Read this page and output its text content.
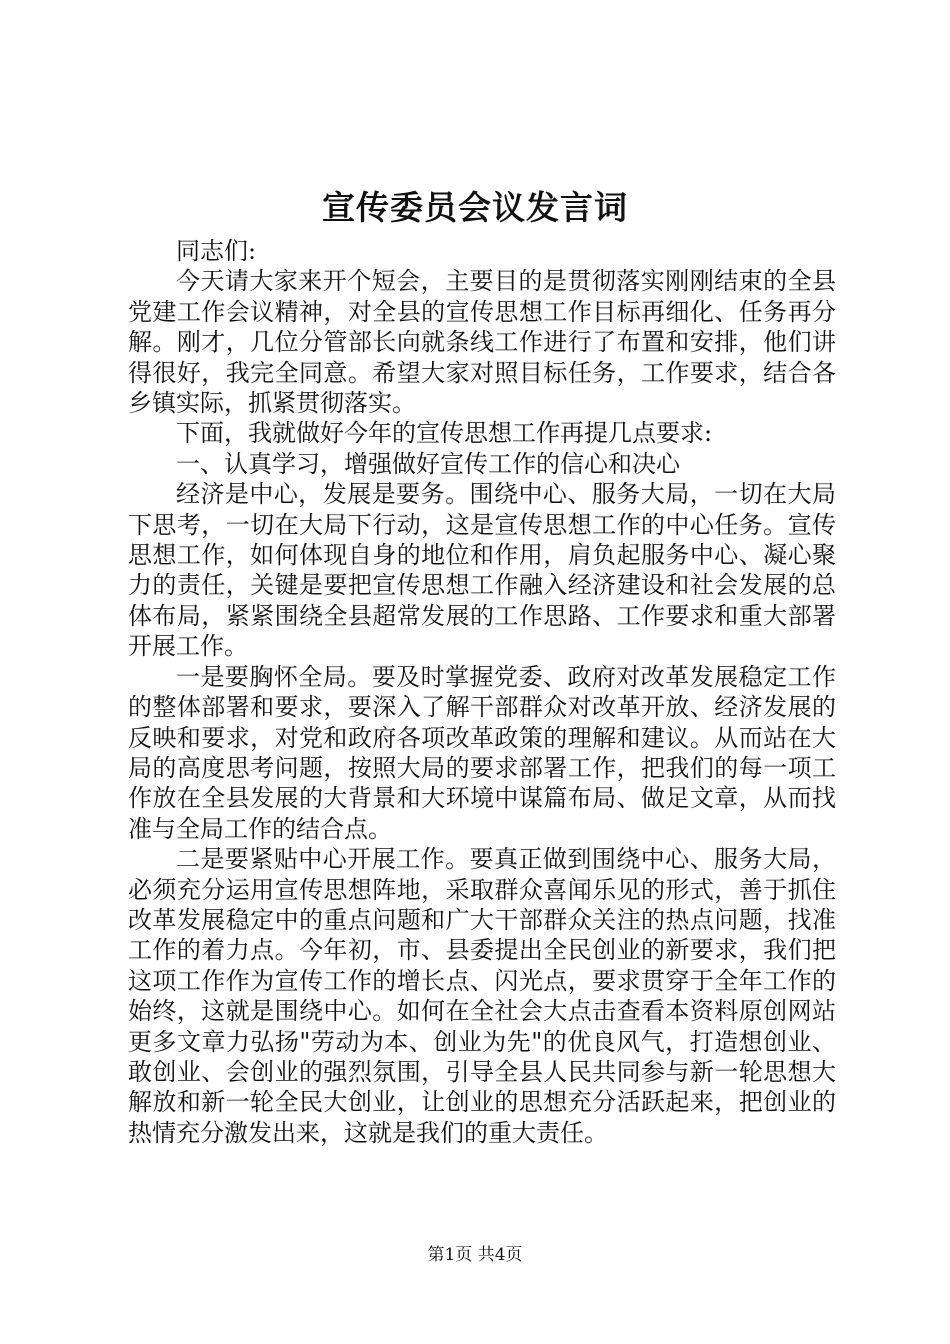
宣传委员会议发言词

同志们:

今天请大家来开个短会，主要目的是贯彻落实刚刚结束的全县党建工作会议精神，对全县的宣传思想工作目标再细化、任务再分解。刚才，几位分管部长向就条线工作进行了布置和安排，他们讲得很好，我完全同意。希望大家对照目标任务，工作要求，结合各乡镇实际，抓紧贯彻落实。

下面，我就做好今年的宣传思想工作再提几点要求:

一、认真学习，增强做好宣传工作的信心和决心

经济是中心，发展是要务。围绕中心、服务大局，一切在大局下思考，一切在大局下行动，这是宣传思想工作的中心任务。宣传思想工作，如何体现自身的地位和作用，肩负起服务中心、凝心聚力的责任，关键是要把宣传思想工作融入经济建设和社会发展的总体布局，紧紧围绕全县超常发展的工作思路、工作要求和重大部署开展工作。

一是要胸怀全局。要及时掌握党委、政府对改革发展稳定工作的整体部署和要求，要深入了解干部群众对改革开放、经济发展的反映和要求，对党和政府各项改革政策的理解和建议。从而站在大局的高度思考问题，按照大局的要求部署工作，把我们的每一项工作放在全县发展的大背景和大环境中谋篇布局、做足文章，从而找准与全局工作的结合点。

二是要紧贴中心开展工作。要真正做到围绕中心、服务大局，必须充分运用宣传思想阵地，采取群众喜闻乐见的形式，善于抓住改革发展稳定中的重点问题和广大干部群众关注的热点问题，找准工作的着力点。今年初，市、县委提出全民创业的新要求，我们把这项工作作为宣传工作的增长点、闪光点，要求贯穿于全年工作的始终，这就是围绕中心。如何在全社会大点击查看本资料原创网站更多文章力弘扬"劳动为本、创业为先"的优良风气，打造想创业、敢创业、会创业的强烈氛围，引导全县人民共同参与新一轮思想大解放和新一轮全民大创业，让创业的思想充分活跃起来，把创业的热情充分激发出来，这就是我们的重大责任。

第1页 共4页
